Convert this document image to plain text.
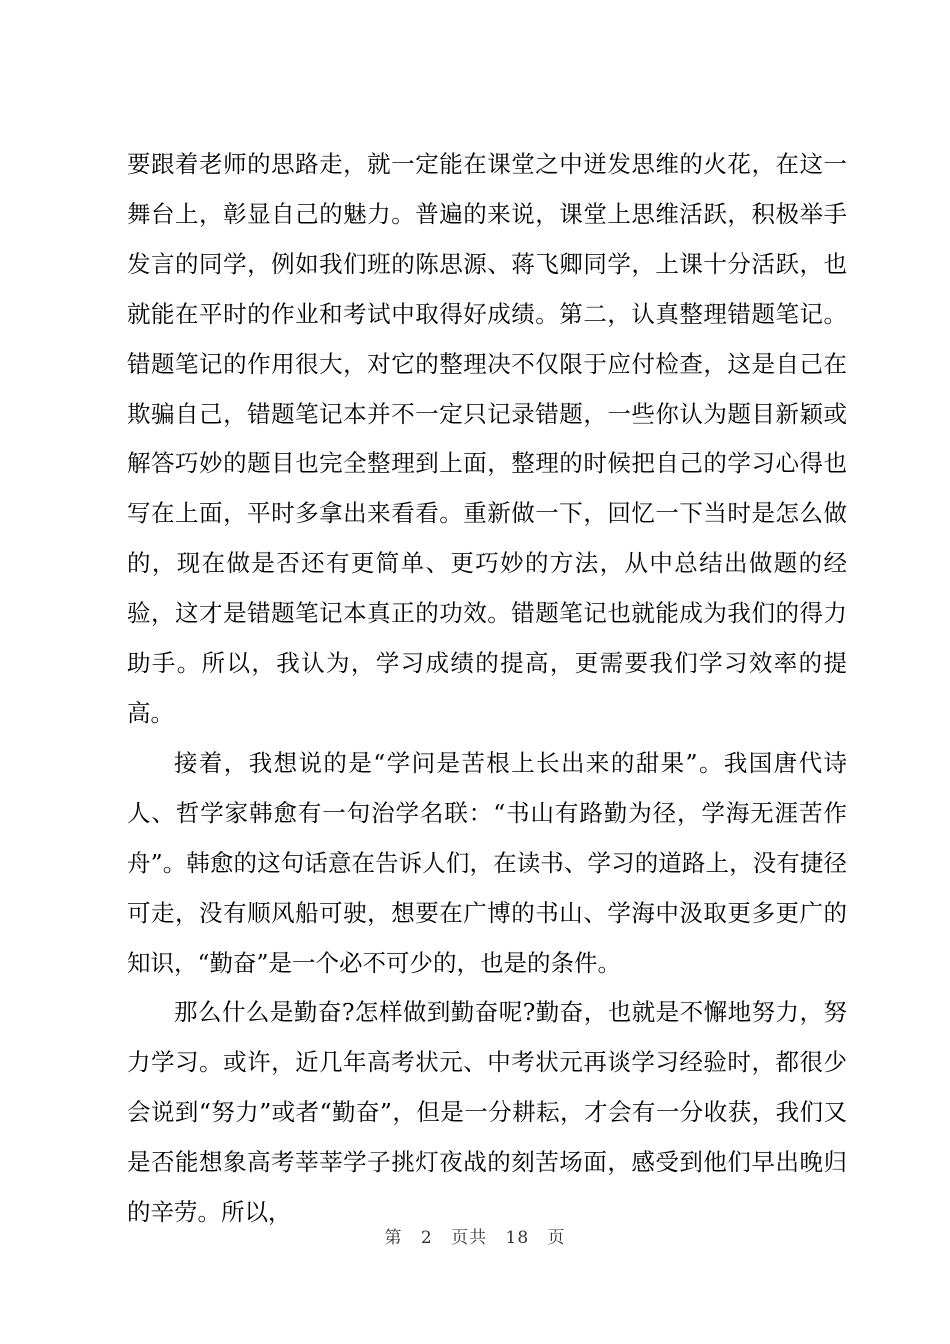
要跟着老师的思路走，就一定能在课堂之中迸发思维的火花，在这一舞台上，彰显自己的魅力。普遍的来说，课堂上思维活跃，积极举手发言的同学，例如我们班的陈思源、蒋飞卿同学，上课十分活跃，也就能在平时的作业和考试中取得好成绩。第二，认真整理错题笔记。错题笔记的作用很大，对它的整理决不仅限于应付检查，这是自己在欺骗自己，错题笔记本并不一定只记录错题，一些你认为题目新颖或解答巧妙的题目也完全整理到上面，整理的时候把自己的学习心得也写在上面，平时多拿出来看看。重新做一下，回忆一下当时是怎么做的，现在做是否还有更简单、更巧妙的方法，从中总结出做题的经验，这才是错题笔记本真正的功效。错题笔记也就能成为我们的得力助手。所以，我认为，学习成绩的提高，更需要我们学习效率的提高。

接着，我想说的是“学问是苦根上长出来的甜果”。我国唐代诗人、哲学家韩愈有一句治学名联：“书山有路勤为径，学海无涯苦作舟”。韩愈的这句话意在告诉人们，在读书、学习的道路上，没有捷径可走，没有顺风船可驶，想要在广博的书山、学海中汲取更多更广的知识，“勤奋”是一个必不可少的，也是的条件。

那么什么是勤奋?怎样做到勤奋呢?勤奋，也就是不懈地努力，努力学习。或许，近几年高考状元、中考状元再谈学习经验时，都很少会说到“努力”或者“勤奋”，但是一分耕耘，才会有一分收获，我们又是否能想象高考莘莘学子挑灯夜战的刻苦场面，感受到他们早出晚归的辛劳。所以，

第 2 页共 18 页
